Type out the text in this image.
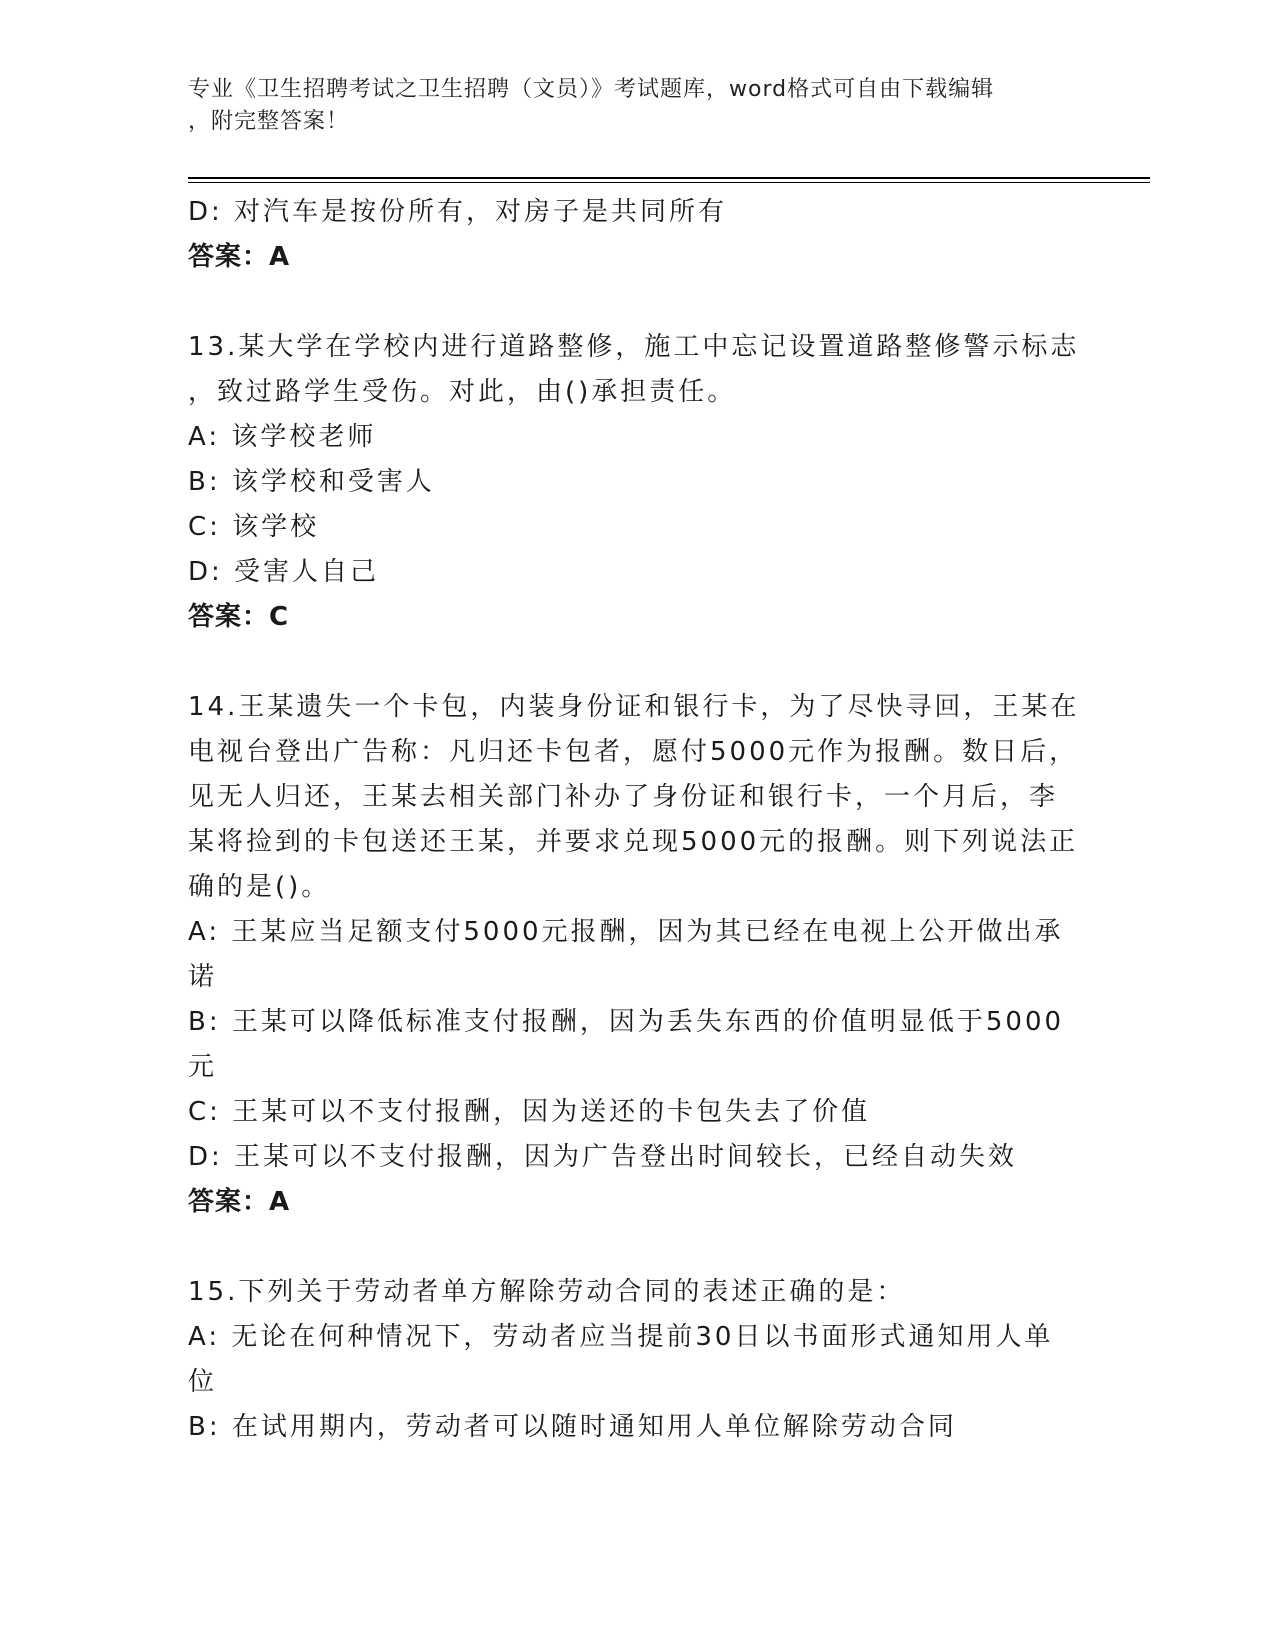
专业《卫生招聘考试之卫生招聘（文员）》考试题库，word格式可自由下载编辑
，附完整答案！
D: 对汽车是按份所有，对房子是共同所有
答案：A
13.某大学在学校内进行道路整修，施工中忘记设置道路整修警示标志
，致过路学生受伤。对此，由()承担责任。
A: 该学校老师
B: 该学校和受害人
C: 该学校
D: 受害人自己
答案：C
14.王某遗失一个卡包，内装身份证和银行卡，为了尽快寻回，王某在
电视台登出广告称：凡归还卡包者，愿付5000元作为报酬。数日后，
见无人归还，王某去相关部门补办了身份证和银行卡，一个月后，李
某将捡到的卡包送还王某，并要求兑现5000元的报酬。则下列说法正
确的是()。
A: 王某应当足额支付5000元报酬，因为其已经在电视上公开做出承
诺
B: 王某可以降低标准支付报酬，因为丢失东西的价值明显低于5000
元
C: 王某可以不支付报酬，因为送还的卡包失去了价值
D: 王某可以不支付报酬，因为广告登出时间较长，已经自动失效
答案：A
15.下列关于劳动者单方解除劳动合同的表述正确的是：
A: 无论在何种情况下，劳动者应当提前30日以书面形式通知用人单
位
B: 在试用期内，劳动者可以随时通知用人单位解除劳动合同
